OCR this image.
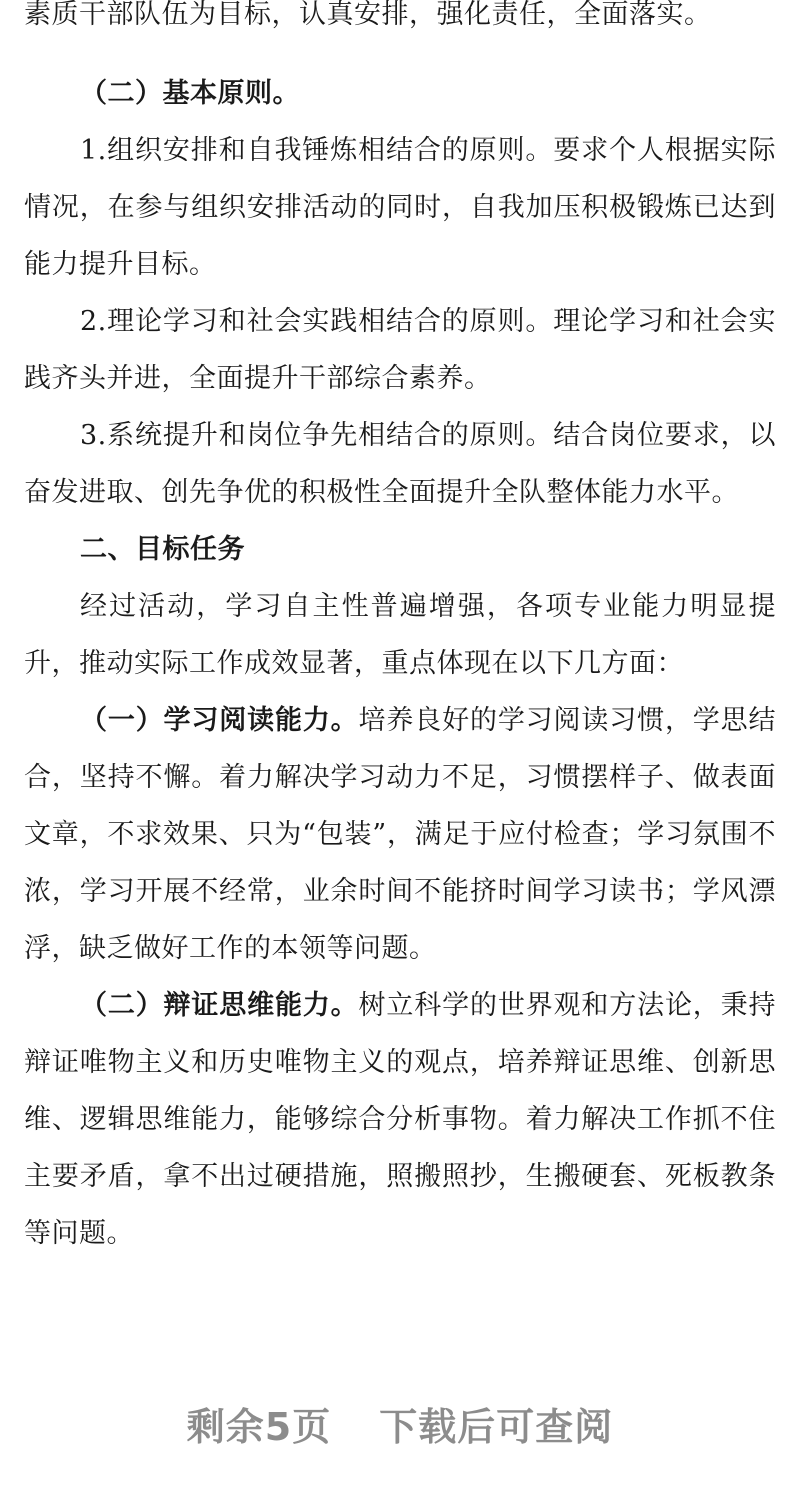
素质干部队伍为目标，认真安排，强化责任，全面落实。

（二）基本原则。

1.组织安排和自我锤炼相结合的原则。要求个人根据实际情况，在参与组织安排活动的同时，自我加压积极锻炼已达到能力提升目标。

2.理论学习和社会实践相结合的原则。理论学习和社会实践齐头并进，全面提升干部综合素养。

3.系统提升和岗位争先相结合的原则。结合岗位要求，以奋发进取、创先争优的积极性全面提升全队整体能力水平。

二、目标任务

经过活动，学习自主性普遍增强，各项专业能力明显提升，推动实际工作成效显著，重点体现在以下几方面：

（一）学习阅读能力。培养良好的学习阅读习惯，学思结合，坚持不懈。着力解决学习动力不足，习惯摆样子、做表面文章，不求效果、只为“包装”，满足于应付检查；学习氛围不浓，学习开展不经常，业余时间不能挤时间学习读书；学风漂浮，缺乏做好工作的本领等问题。

（二）辩证思维能力。树立科学的世界观和方法论，秉持辩证唯物主义和历史唯物主义的观点，培养辩证思维、创新思维、逻辑思维能力，能够综合分析事物。着力解决工作抓不住主要矛盾，拿不出过硬措施，照搬照抄，生搬硬套、死板教条等问题。

剩余5页 下载后可查阅
